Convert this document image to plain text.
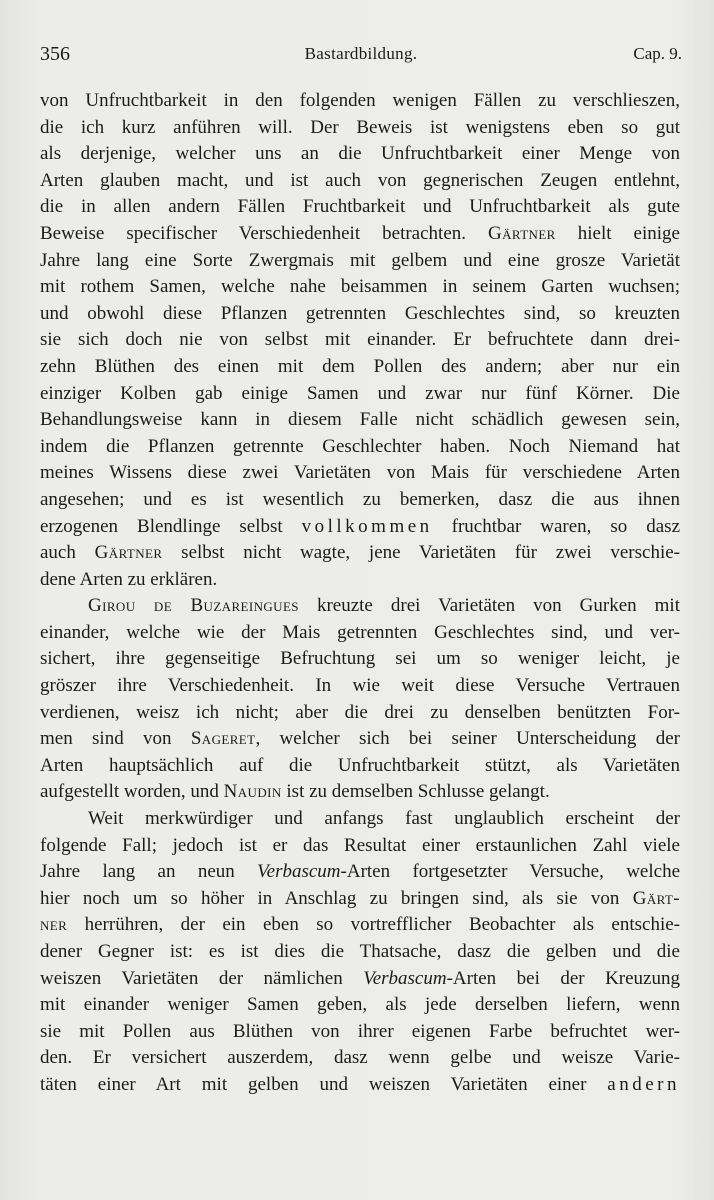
356	Bastardbildung.	Cap. 9.
von Unfruchtbarkeit in den folgenden wenigen Fällen zu verschlieszen,
die ich kurz anführen will. Der Beweis ist wenigstens eben so gut
als derjenige, welcher uns an die Unfruchtbarkeit einer Menge von
Arten glauben macht, und ist auch von gegnerischen Zeugen entlehnt,
die in allen andern Fällen Fruchtbarkeit und Unfruchtbarkeit als gute
Beweise specifischer Verschiedenheit betrachten. Gärtner hielt einige
Jahre lang eine Sorte Zwergmais mit gelbem und eine grosze Varietät
mit rothem Samen, welche nahe beisammen in seinem Garten wuchsen;
und obwohl diese Pflanzen getrennten Geschlechtes sind, so kreuzten
sie sich doch nie von selbst mit einander. Er befruchtete dann drei-
zehn Blüthen des einen mit dem Pollen des andern; aber nur ein
einziger Kolben gab einige Samen und zwar nur fünf Körner. Die
Behandlungsweise kann in diesem Falle nicht schädlich gewesen sein,
indem die Pflanzen getrennte Geschlechter haben. Noch Niemand hat
meines Wissens diese zwei Varietäten von Mais für verschiedene Arten
angesehen; und es ist wesentlich zu bemerken, dasz die aus ihnen
erzogenen Blendlinge selbst vollkommen fruchtbar waren, so dasz
auch Gärtner selbst nicht wagte, jene Varietäten für zwei verschie-
dene Arten zu erklären.
Girou de Buzareingues kreuzte drei Varietäten von Gurken mit
einander, welche wie der Mais getrennten Geschlechtes sind, und ver-
sichert, ihre gegenseitige Befruchtung sei um so weniger leicht, je
gröszer ihre Verschiedenheit. In wie weit diese Versuche Vertrauen
verdienen, weisz ich nicht; aber die drei zu denselben benützten For-
men sind von Sageret, welcher sich bei seiner Unterscheidung der
Arten hauptsächlich auf die Unfruchtbarkeit stützt, als Varietäten
aufgestellt worden, und Naudin ist zu demselben Schlusse gelangt.
Weit merkwürdiger und anfangs fast unglaublich erscheint der
folgende Fall; jedoch ist er das Resultat einer erstaunlichen Zahl viele
Jahre lang an neun Verbascum-Arten fortgesetzter Versuche, welche
hier noch um so höher in Anschlag zu bringen sind, als sie von Gärt-
ner herrühren, der ein eben so vortrefflicher Beobachter als entschie-
dener Gegner ist: es ist dies die Thatsache, dasz die gelben und die
weiszen Varietäten der nämlichen Verbascum-Arten bei der Kreuzung
mit einander weniger Samen geben, als jede derselben liefern, wenn
sie mit Pollen aus Blüthen von ihrer eigenen Farbe befruchtet wer-
den. Er versichert auszerdem, dasz wenn gelbe und weisze Varie-
täten einer Art mit gelben und weiszen Varietäten einer andern
